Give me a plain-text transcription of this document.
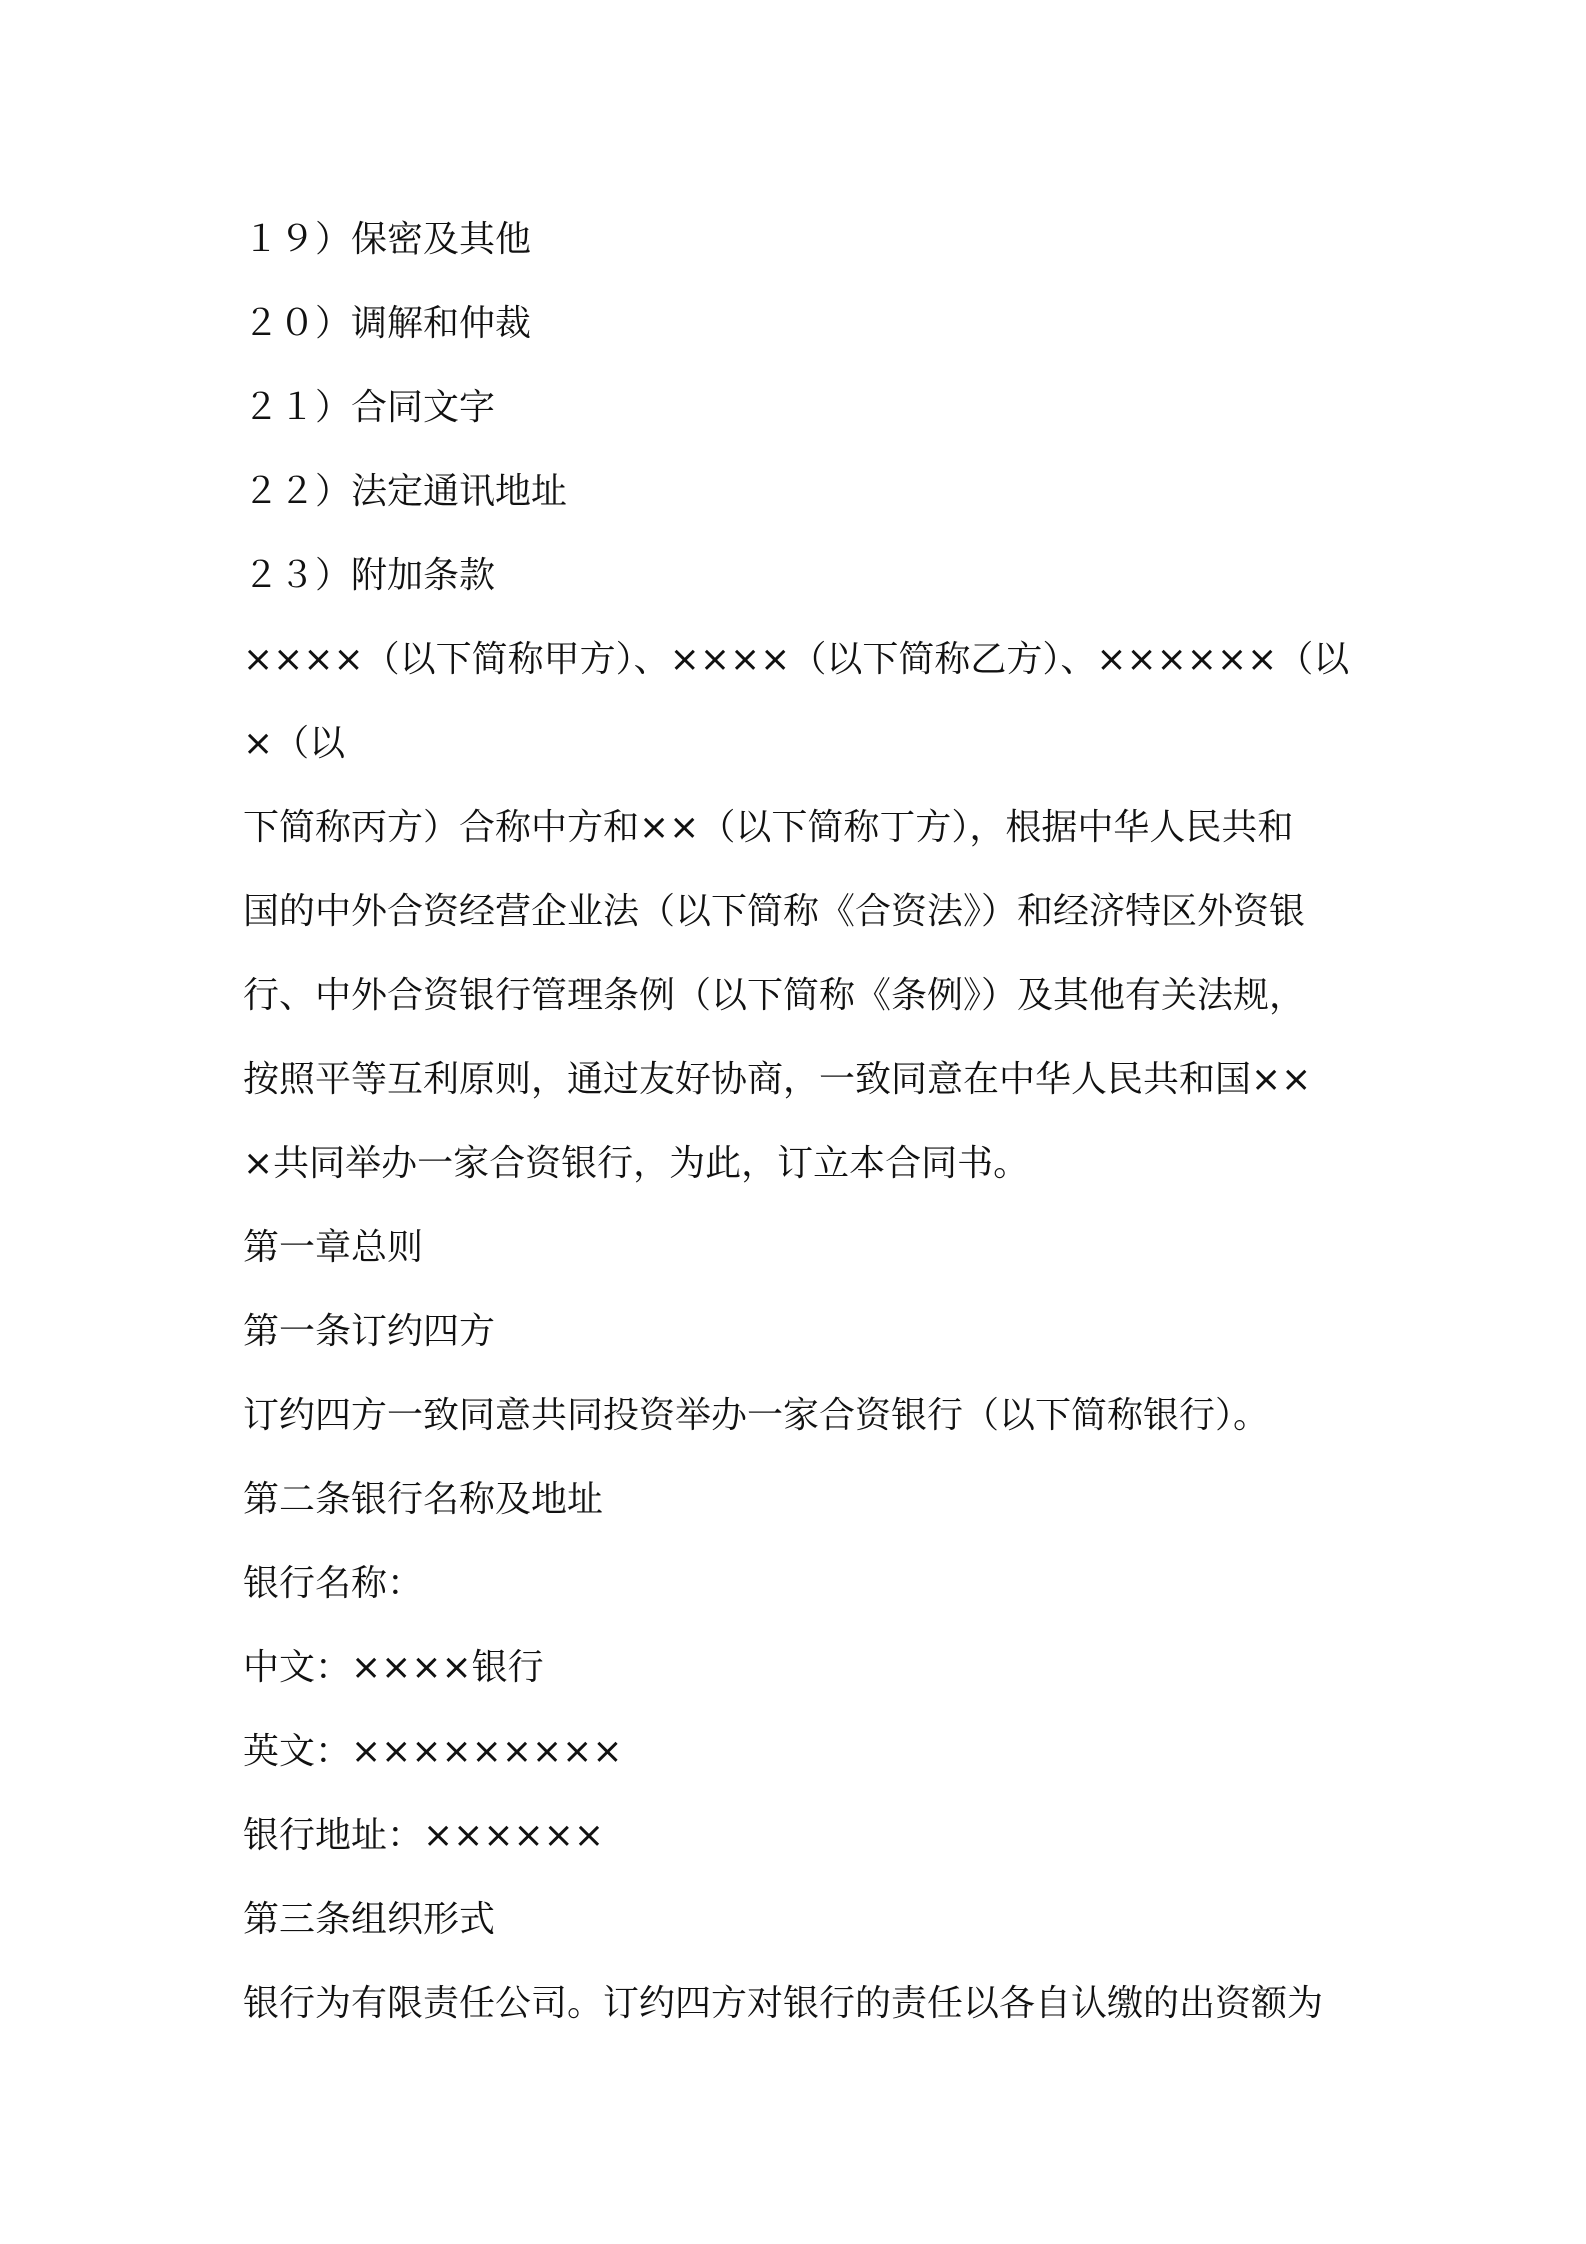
１９）保密及其他
２０）调解和仲裁
２１）合同文字
２２）法定通讯地址
２３）附加条款
××××（以下简称甲方）、××××（以下简称乙方）、××××××（以
×（以
下简称丙方）合称中方和××（以下简称丁方），根据中华人民共和
国的中外合资经营企业法（以下简称《合资法》）和经济特区外资银
行、中外合资银行管理条例（以下简称《条例》）及其他有关法规，
按照平等互利原则，通过友好协商，一致同意在中华人民共和国××
×共同举办一家合资银行，为此，订立本合同书。
第一章总则
第一条订约四方
订约四方一致同意共同投资举办一家合资银行（以下简称银行）。
第二条银行名称及地址
银行名称：
中文：××××银行
英文：×××××××××
银行地址：××××××
第三条组织形式
银行为有限责任公司。订约四方对银行的责任以各自认缴的出资额为
